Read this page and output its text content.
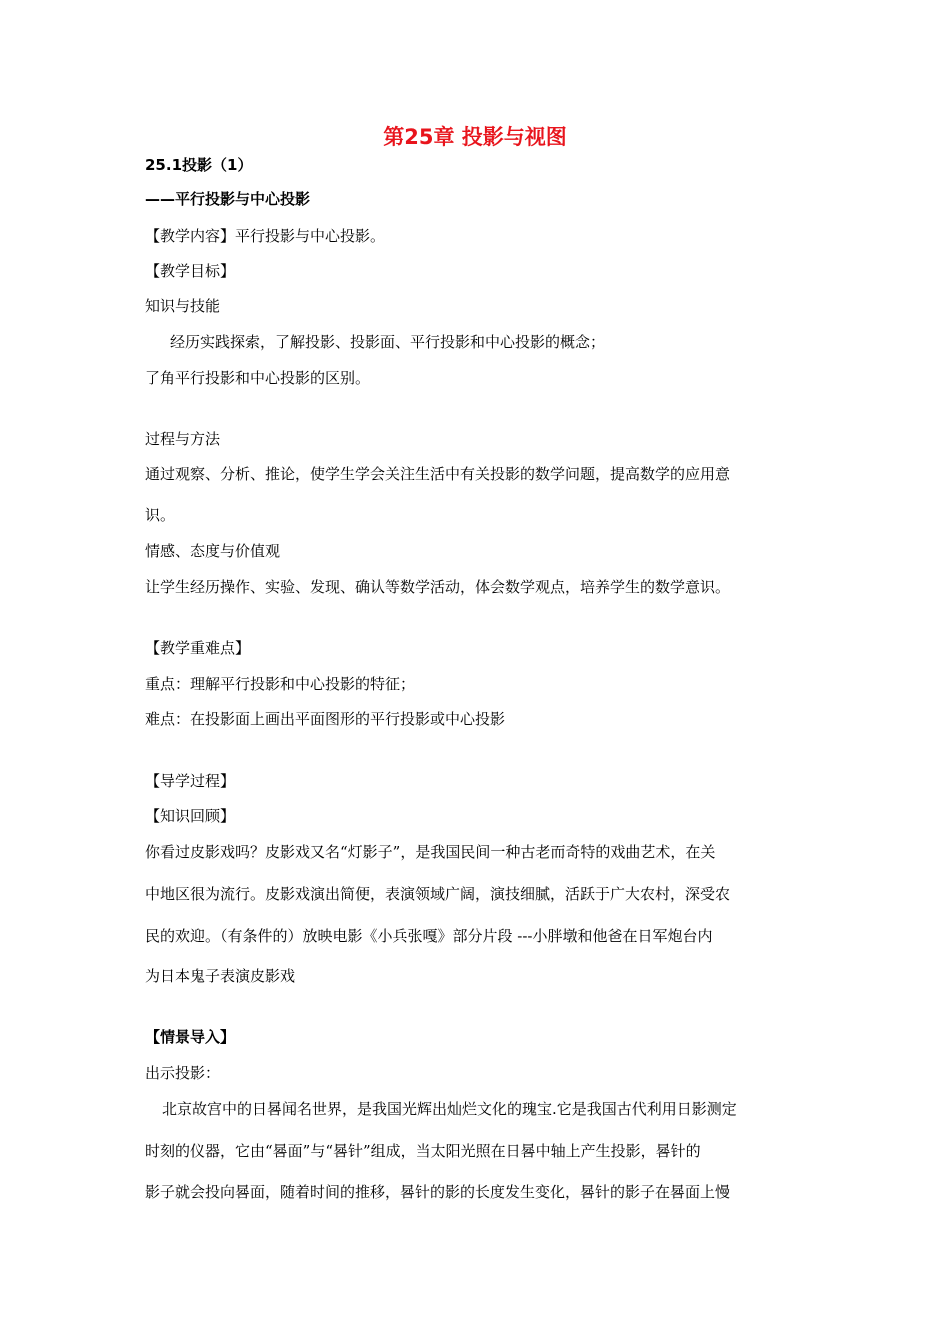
第25章 投影与视图
25.1投影（1）
——平行投影与中心投影
【教学内容】平行投影与中心投影。
【教学目标】
知识与技能
经历实践探索，了解投影、投影面、平行投影和中心投影的概念；
了角平行投影和中心投影的区别。
过程与方法
通过观察、分析、推论，使学生学会关注生活中有关投影的数学问题，提高数学的应用意
识。
情感、态度与价值观
让学生经历操作、实验、发现、确认等数学活动，体会数学观点，培养学生的数学意识。
【教学重难点】
重点：理解平行投影和中心投影的特征；
难点：在投影面上画出平面图形的平行投影或中心投影
【导学过程】
【知识回顾】
你看过皮影戏吗？皮影戏又名“灯影子”，是我国民间一种古老而奇特的戏曲艺术，在关
中地区很为流行。皮影戏演出简便，表演领域广阔，演技细腻，活跃于广大农村，深受农
民的欢迎。（有条件的）放映电影《小兵张嘎》部分片段 ---小胖墩和他爸在日军炮台内
为日本鬼子表演皮影戏
【情景导入】
出示投影：
北京故宫中的日晷闻名世界，是我国光辉出灿烂文化的瑰宝.它是我国古代利用日影测定
时刻的仪器，它由“晷面”与“晷针”组成，当太阳光照在日晷中轴上产生投影，晷针的
影子就会投向晷面，随着时间的推移，晷针的影的长度发生变化，晷针的影子在晷面上慢
